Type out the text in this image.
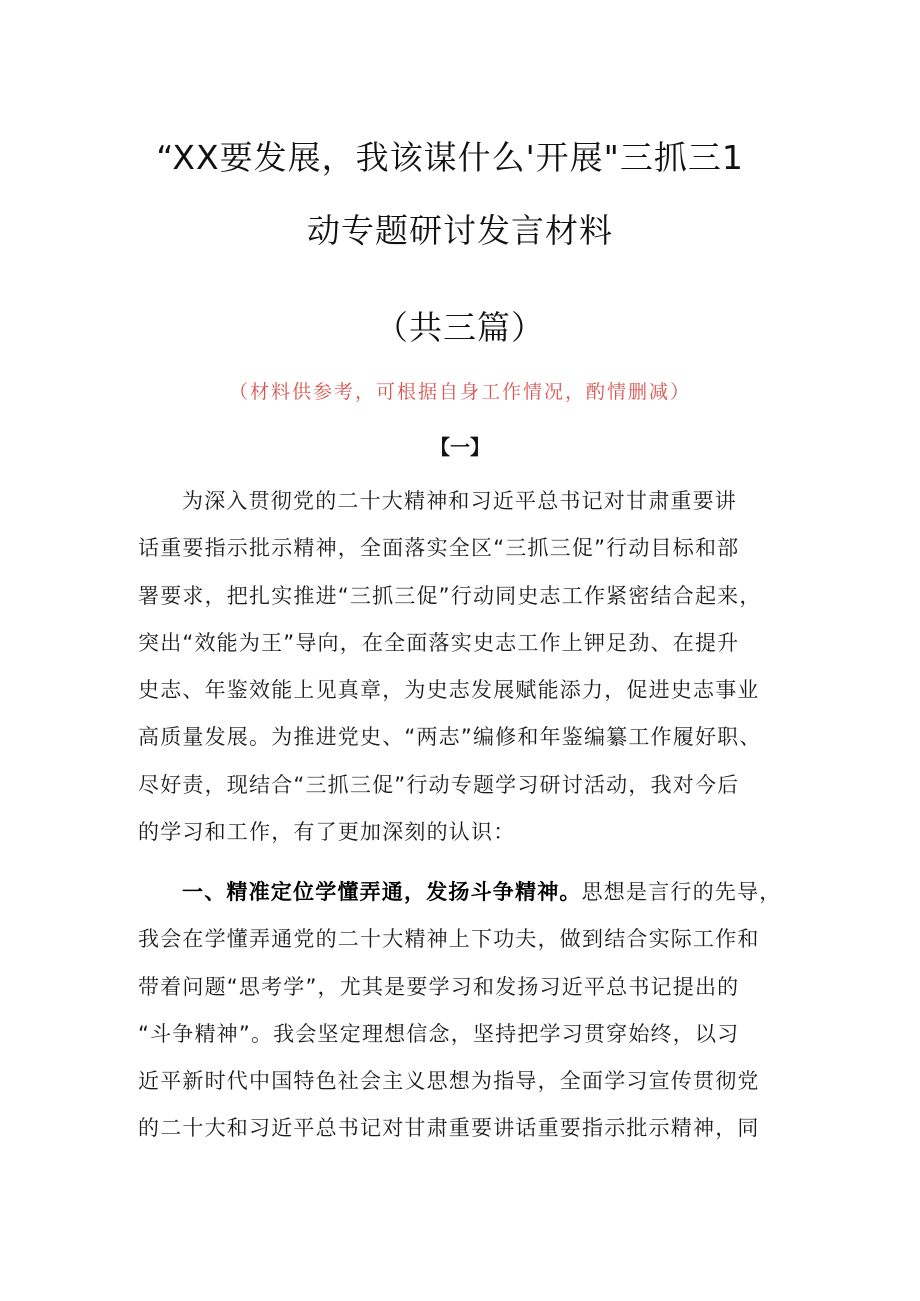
“XX要发展，我该谋什么'开展"三抓三1
动专题研讨发言材料
（共三篇）
（材料供参考，可根据自身工作情况，酌情删减）
【一】
为深入贯彻党的二十大精神和习近平总书记对甘肃重要讲
话重要指示批示精神，全面落实全区“三抓三促”行动目标和部
署要求，把扎实推进“三抓三促”行动同史志工作紧密结合起来，
突出“效能为王”导向，在全面落实史志工作上钾足劲、在提升
史志、年鉴效能上见真章，为史志发展赋能添力，促进史志事业
高质量发展。为推进党史、“两志”编修和年鉴编纂工作履好职、
尽好责，现结合“三抓三促”行动专题学习研讨活动，我对今后
的学习和工作，有了更加深刻的认识：
一、精准定位学懂弄通，发扬斗争精神。思想是言行的先导，
我会在学懂弄通党的二十大精神上下功夫，做到结合实际工作和
带着问题“思考学”，尤其是要学习和发扬习近平总书记提出的
“斗争精神”。我会坚定理想信念，坚持把学习贯穿始终，以习
近平新时代中国特色社会主义思想为指导，全面学习宣传贯彻党
的二十大和习近平总书记对甘肃重要讲话重要指示批示精神，同
